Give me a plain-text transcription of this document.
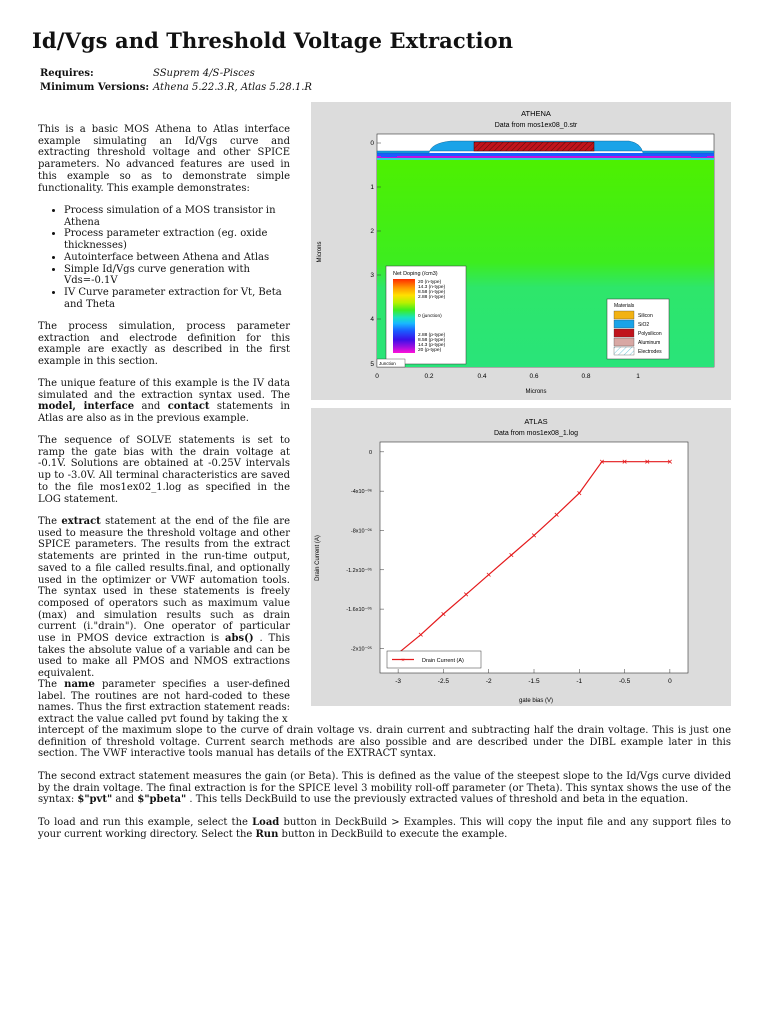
Id/Vgs and Threshold Voltage Extraction
Requires:	SSuprem 4/S-Pisces
Minimum Versions:	Athena 5.22.3.R, Atlas 5.28.1.R

This is a basic MOS Athena to Atlas interface example simulating an Id/Vgs curve and extracting threshold voltage and other SPICE parameters. No advanced features are used in this example so as to demonstrate simple functionality. This example demonstrates:

• Process simulation of a MOS transistor in Athena
• Process parameter extraction (eg. oxide thicknesses)
• Autointerface between Athena and Atlas
• Simple Id/Vgs curve generation with Vds=-0.1V
• IV Curve parameter extraction for Vt, Beta and Theta

The process simulation, process parameter extraction and electrode definition for this example are exactly as described in the first example in this section.

The unique feature of this example is the IV data simulated and the extraction syntax used. The model, interface and contact statements in Atlas are also as in the previous example.

The sequence of SOLVE statements is set to ramp the gate bias with the drain voltage at -0.1V. Solutions are obtained at -0.25V intervals up to -3.0V. All terminal characteristics are saved to the file mos1ex02_1.log as specified in the LOG statement.

The extract statement at the end of the file are used to measure the threshold voltage and other SPICE parameters. The results from the extract statements are printed in the run-time output, saved to a file called results.final, and optionally used in the optimizer or VWF automation tools. The syntax used in these statements is freely composed of operators such as maximum value (max) and simulation results such as drain current (i."drain"). One operator of particular use in PMOS device extraction is abs() . This takes the absolute value of a variable and can be used to make all PMOS and NMOS extractions equivalent.

The name parameter specifies a user-defined label. The routines are not hard-coded to these names. Thus the first extraction statement reads: extract the value called pvt found by taking the x

intercept of the maximum slope to the curve of drain voltage vs. drain current and subtracting half the drain voltage. This is just one definition of threshold voltage. Current search methods are also possible and are described under the DIBL example later in this section. The VWF interactive tools manual has details of the EXTRACT syntax.

The second extract statement measures the gain (or Beta). This is defined as the value of the steepest slope to the Id/Vgs curve divided by the drain voltage. The final extraction is for the SPICE level 3 mobility roll-off parameter (or Theta). This syntax shows the use of the syntax: $"pvt" and $"pbeta" . This tells DeckBuild to use the previously extracted values of threshold and beta in the equation.

To load and run this example, select the Load button in DeckBuild > Examples. This will copy the input file and any support files to your current working directory. Select the Run button in DeckBuild to execute the example.

ATHENA
Data from mos1ex08_0.str
0
1
2
3
4
5
Microns
0	0.2	0.4	0.6	0.8	1
Microns
Net Doping (/cm3)
20 (n-type)
14.3 (n-type)
8.58 (n-type)
2.88 (n-type)
0 (junction)
2.88 (p-type)
8.58 (p-type)
14.3 (p-type)
20 (p-type)
Junction
Materials
Silicon
SiO2
Polysilicon
Aluminum
Electrodes
ATLAS
Data from mos1ex08_1.log
-3	-2.5	-2	-1.5	-1	-0.5	0
0
-4x10⁻⁰⁶
-8x10⁻⁰⁶
-1.2x10⁻⁰⁵
-1.6x10⁻⁰⁵
-2x10⁻⁰⁵
Drain Current (A)
gate bias (V)
×	Drain Current (A)
